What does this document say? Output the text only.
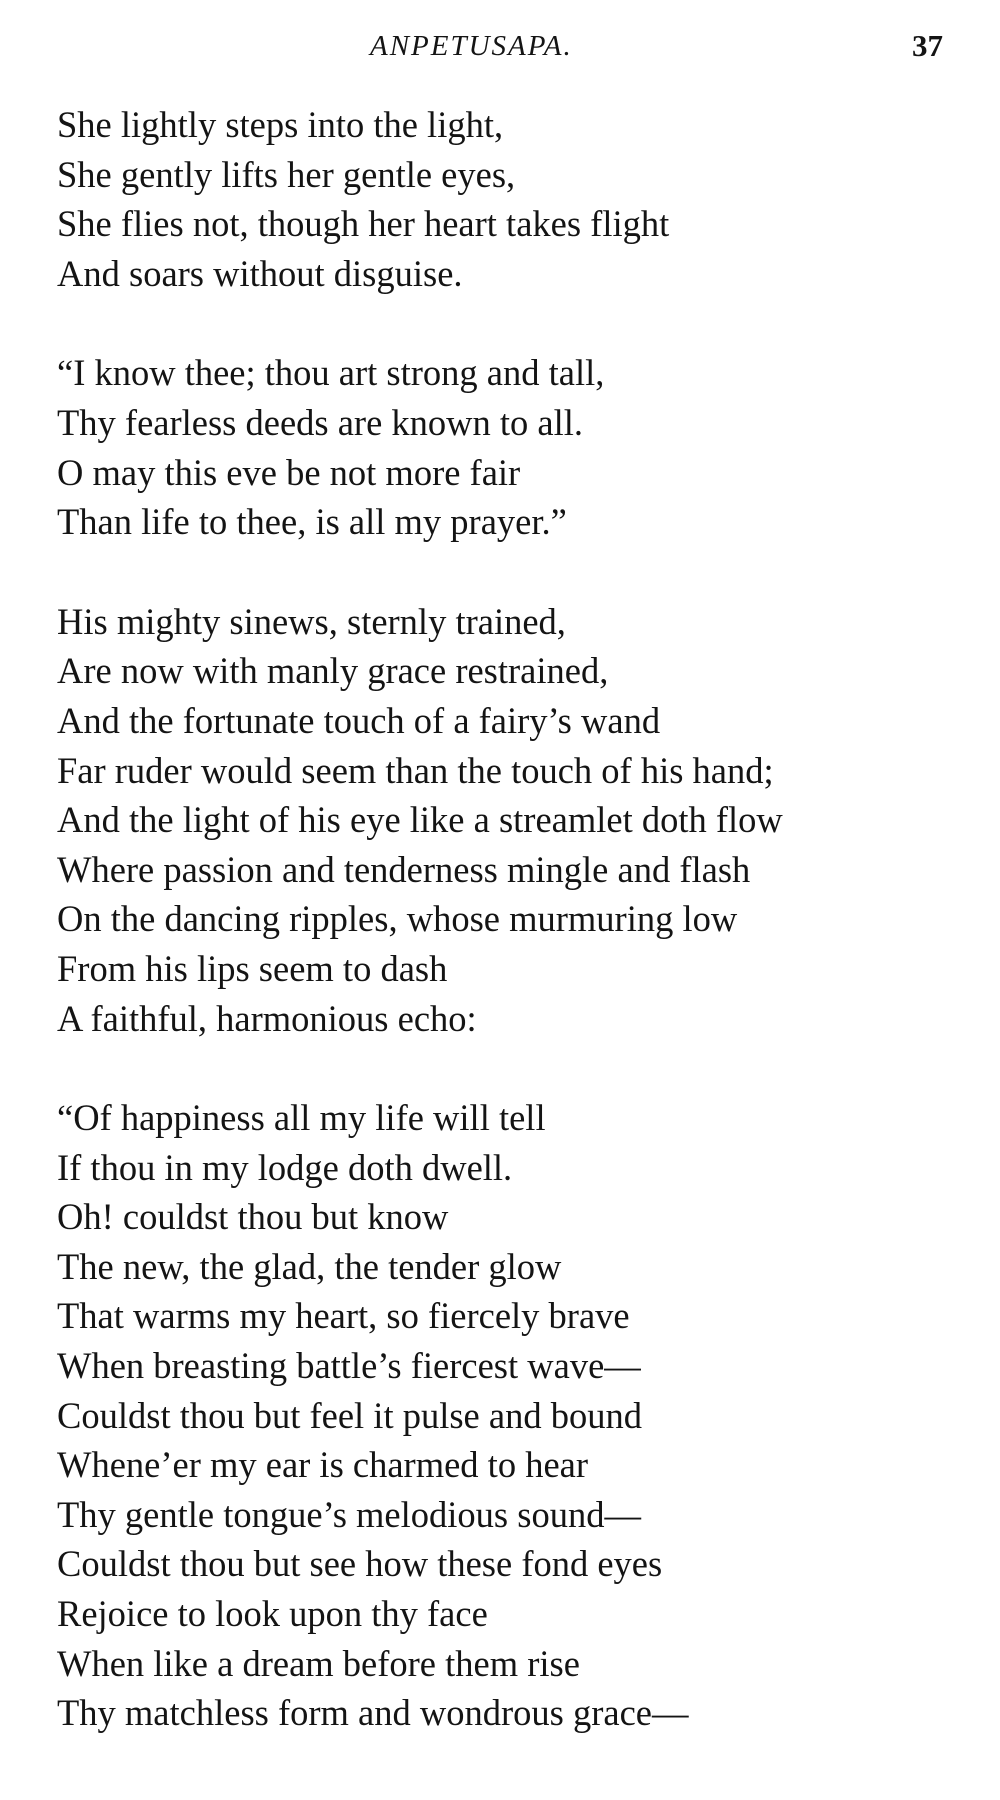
ANPETUSAPA.	37
She lightly steps into the light,
She gently lifts her gentle eyes,
She flies not, though her heart takes flight
And soars without disguise.
“I know thee; thou art strong and tall,
Thy fearless deeds are known to all.
O may this eve be not more fair
Than life to thee, is all my prayer.”
His mighty sinews, sternly trained,
Are now with manly grace restrained,
And the fortunate touch of a fairy’s wand
Far ruder would seem than the touch of his hand;
And the light of his eye like a streamlet doth flow
Where passion and tenderness mingle and flash
On the dancing ripples, whose murmuring low
From his lips seem to dash
A faithful, harmonious echo:
“Of happiness all my life will tell
If thou in my lodge doth dwell.
Oh! couldst thou but know
The new, the glad, the tender glow
That warms my heart, so fiercely brave
When breasting battle’s fiercest wave—
Couldst thou but feel it pulse and bound
Whene’er my ear is charmed to hear
Thy gentle tongue’s melodious sound—
Couldst thou but see how these fond eyes
Rejoice to look upon thy face
When like a dream before them rise
Thy matchless form and wondrous grace—
